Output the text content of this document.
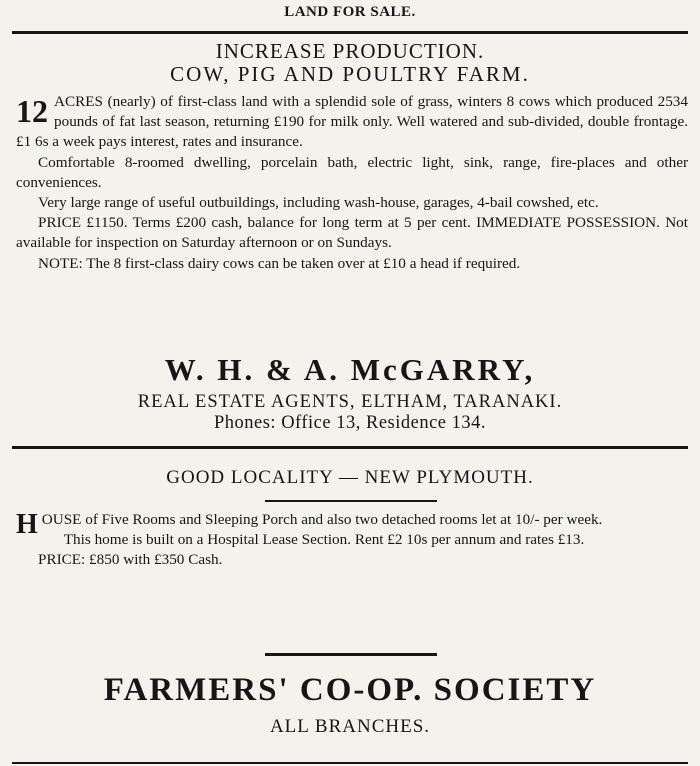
LAND FOR SALE.
INCREASE PRODUCTION.
COW, PIG AND POULTRY FARM.

12 ACRES (nearly) of first-class land with a splendid sole of grass, winters 8 cows which produced 2534 pounds of fat last season, returning £190 for milk only. Well watered and sub-divided, double frontage. £1 6s a week pays interest, rates and insurance.

Comfortable 8-roomed dwelling, porcelain bath, electric light, sink, range, fire-places and other conveniences.

Very large range of useful outbuildings, including wash-house, garages, 4-bail cowshed, etc.

PRICE £1150. Terms £200 cash, balance for long term at 5 per cent. IMMEDIATE POSSESSION. Not available for inspection on Saturday afternoon or on Sundays.

NOTE: The 8 first-class dairy cows can be taken over at £10 a head if required.

W. H. & A. McGARRY,
REAL ESTATE AGENTS, ELTHAM, TARANAKI.
Phones: Office 13, Residence 134.
GOOD LOCALITY — NEW PLYMOUTH.

H OUSE of Five Rooms and Sleeping Porch and also two detached rooms let at 10/- per week.

This home is built on a Hospital Lease Section. Rent £2 10s per annum and rates £13.

PRICE: £850 with £350 Cash.

FARMERS' CO-OP. SOCIETY
ALL BRANCHES.
